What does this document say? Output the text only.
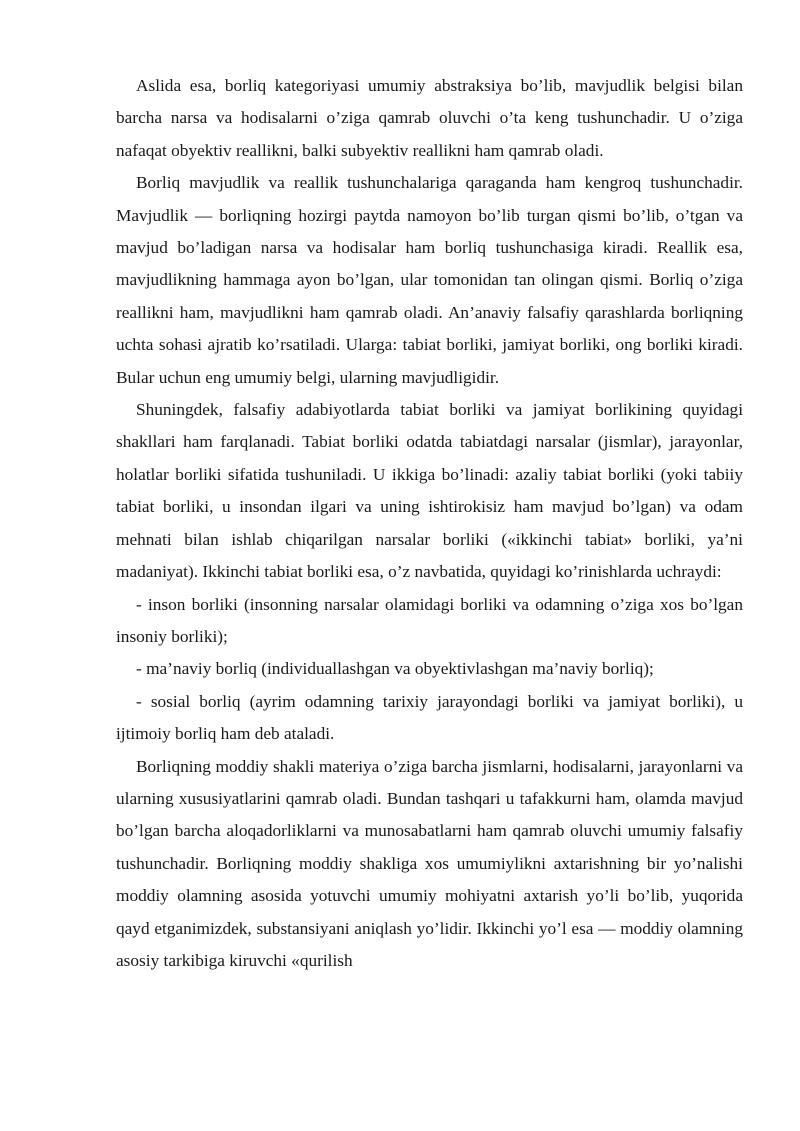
Aslida esa, borliq kategoriyasi umumiy abstraksiya bo’lib, mavjudlik belgisi bilan barcha narsa va hodisalarni o’ziga qamrab oluvchi o’ta keng tushunchadir. U o’ziga nafaqat obyektiv reallikni, balki subyektiv reallikni ham qamrab oladi.

Borliq mavjudlik va reallik tushunchalariga qaraganda ham kengroq tushunchadir. Mavjudlik — borliqning hozirgi paytda namoyon bo’lib turgan qismi bo’lib, o’tgan va mavjud bo’ladigan narsa va hodisalar ham borliq tushunchasiga kiradi. Reallik esa, mavjudlikning hammaga ayon bo’lgan, ular tomonidan tan olingan qismi. Borliq o’ziga reallikni ham, mavjudlikni ham qamrab oladi. An’anaviy falsafiy qarashlarda borliqning uchta sohasi ajratib ko’rsatiladi. Ularga: tabiat borliki, jamiyat borliki, ong borliki kiradi. Bular uchun eng umumiy belgi, ularning mavjudligidir.

Shuningdek, falsafiy adabiyotlarda tabiat borliki va jamiyat borlikining quyidagi shakllari ham farqlanadi. Tabiat borliki odatda tabiatdagi narsalar (jismlar), jarayonlar, holatlar borliki sifatida tushuniladi. U ikkiga bo’linadi: azaliy tabiat borliki (yoki tabiiy tabiat borliki, u insondan ilgari va uning ishtirokisiz ham mavjud bo’lgan) va odam mehnati bilan ishlab chiqarilgan narsalar borliki («ikkinchi tabiat» borliki, ya’ni madaniyat). Ikkinchi tabiat borliki esa, o’z navbatida, quyidagi ko’rinishlarda uchraydi:

- inson borliki (insonning narsalar olamidagi borliki va odamning o’ziga xos bo’lgan insoniy borliki);

- ma’naviy borliq (individuallashgan va obyektivlashgan ma’naviy borliq);

- sosial borliq (ayrim odamning tarixiy jarayondagi borliki va jamiyat borliki), u ijtimoiy borliq ham deb ataladi.

Borliqning moddiy shakli materiya o’ziga barcha jismlarni, hodisalarni, jarayonlarni va ularning xususiyatlarini qamrab oladi. Bundan tashqari u tafakkurni ham, olamda mavjud bo’lgan barcha aloqadorliklarni va munosabatlarni ham qamrab oluvchi umumiy falsafiy tushunchadir. Borliqning moddiy shakliga xos umumiylikni axtarishning bir yo’nalishi moddiy olamning asosida yotuvchi umumiy mohiyatni axtarish yo’li bo’lib, yuqorida qayd etganimizdek, substansiyani aniqlash yo’lidir. Ikkinchi yo’l esa — moddiy olamning asosiy tarkibiga kiruvchi «qurilish
